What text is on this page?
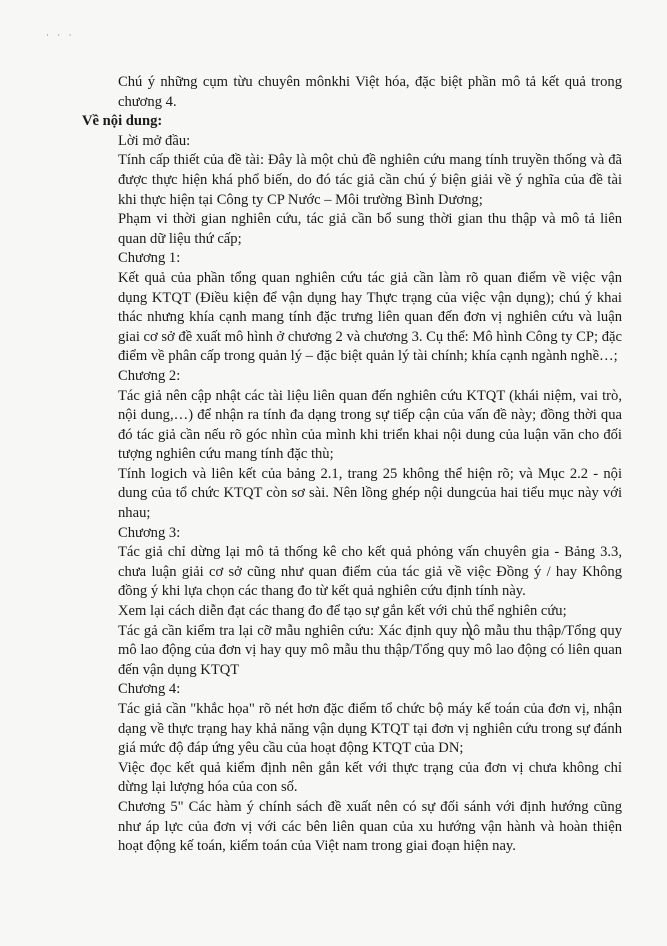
· · ·

Chú ý những cụm từu chuyên mônkhi Việt hóa, đặc biệt phần mô tả kết quả trong chương 4.

Về nội dung:

Lời mở đầu:

Tính cấp thiết của đề tài: Đây là một chủ đề nghiên cứu mang tính truyền thống và đã được thực hiện khá phổ biến, do đó tác giả cần chú ý biện giải về ý nghĩa của đề tài khi thực hiện tại Công ty CP Nước – Môi trường Bình Dương;

Phạm vi thời gian nghiên cứu, tác giả cần bổ sung thời gian thu thập và mô tả liên quan dữ liệu thứ cấp;

Chương 1:

Kết quả của phần tổng quan nghiên cứu tác giả cần làm rõ quan điểm về việc vận dụng KTQT (Điều kiện để vận dụng hay Thực trạng của việc vận dụng); chú ý khai thác nhưng khía cạnh mang tính đặc trưng liên quan đến đơn vị nghiên cứu và luận giai cơ sở đề xuất mô hình ở chương 2 và chương 3. Cụ thể: Mô hình Công ty CP; đặc điểm về phân cấp trong quản lý – đặc biệt quản lý tài chính; khía cạnh ngành nghề…;

Chương 2:

Tác giả nên cập nhật các tài liệu liên quan đến nghiên cứu KTQT (khái niệm, vai trò, nội dung,…) để nhận ra tính đa dạng trong sự tiếp cận của vấn đề này; đồng thời qua đó tác giả cần nếu rõ góc nhìn của mình khi triển khai nội dung của luận văn cho đối tượng nghiên cứu mang tính đặc thù;

Tính logich và liên kết của bảng 2.1, trang 25 không thể hiện rõ; và Mục 2.2 - nội dung của tổ chức KTQT còn sơ sài. Nên lồng ghép nội dungcủa hai tiểu mục này với nhau;

Chương 3:

Tác giả chỉ dừng lại mô tả thống kê cho kết quả phỏng vấn chuyên gia - Bảng 3.3, chưa luận giải cơ sở cũng như quan điểm của tác giả về việc Đồng ý / hay Không đồng ý khi lựa chọn các thang đo từ kết quả nghiên cứu định tính này.

Xem lại cách diễn đạt các thang đo để tạo sự gắn kết với chủ thể nghiên cứu;

Tác gả cần kiểm tra lại cỡ mẫu nghiên cứu: Xác định quy mô mẫu thu thập/Tổng quy mô lao động của đơn vị hay quy mô mẫu thu thập/Tổng quy mô lao động có liên quan đến vận dụng KTQT

Chương 4:

Tác giả cần "khắc họa" rõ nét hơn đặc điểm tổ chức bộ máy kế toán của đơn vị, nhận dạng về thực trạng hay khả năng vận dụng KTQT tại đơn vị nghiên cứu trong sự đánh giá mức độ đáp ứng yêu cầu của hoạt động KTQT của DN;

Việc đọc kết quả kiểm định nên gắn kết với thực trạng của đơn vị chưa không chỉ dừng lại lượng hóa của con số.

Chương 5" Các hàm ý chính sách đề xuất nên có sự đối sánh với định hướng cũng như áp lực của đơn vị với các bên liên quan của xu hướng vận hành và hoàn thiện hoạt động kế toán, kiểm toán của Việt nam trong giai đoạn hiện nay.
